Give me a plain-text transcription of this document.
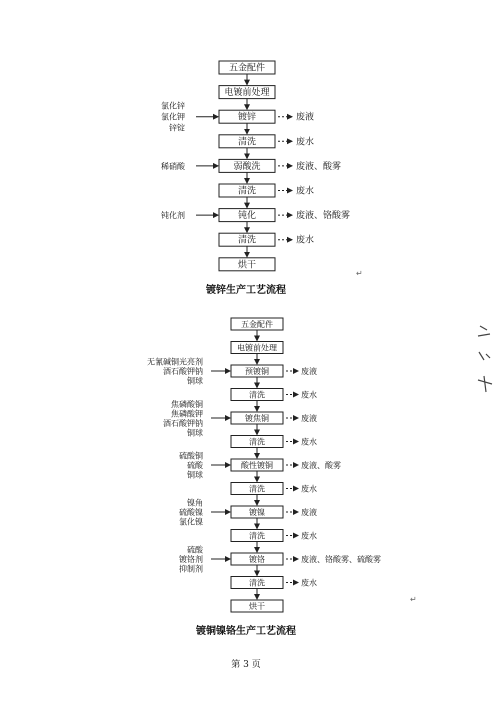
五金配件
电镀前处理
镀锌
清洗
弱酸洗
清洗
钝化
清洗
烘干
氯化锌
氯化钾
锌锭
稀硝酸
钝化剂
废液
废水
废液、酸雾
废水
废液、铬酸雾
废水
镀锌生产工艺流程
↵
五金配件
电镀前处理
预镀铜
清洗
镀焦铜
清洗
酸性镀铜
清洗
镀镍
清洗
镀铬
清洗
烘干
无氰碱铜光亮剂
酒石酸钾钠
铜球
焦磷酸铜
焦磷酸钾
酒石酸钾钠
铜球
硫酸铜
硫酸
铜球
镍角
硫酸镍
氯化镍
硫酸
镀铬剂
抑制剂
废液
废水
废液
废水
废液、酸雾
废水
废液
废水
废液、铬酸雾、硫酸雾
废水
镀铜镍铬生产工艺流程
↵
第 3 页
